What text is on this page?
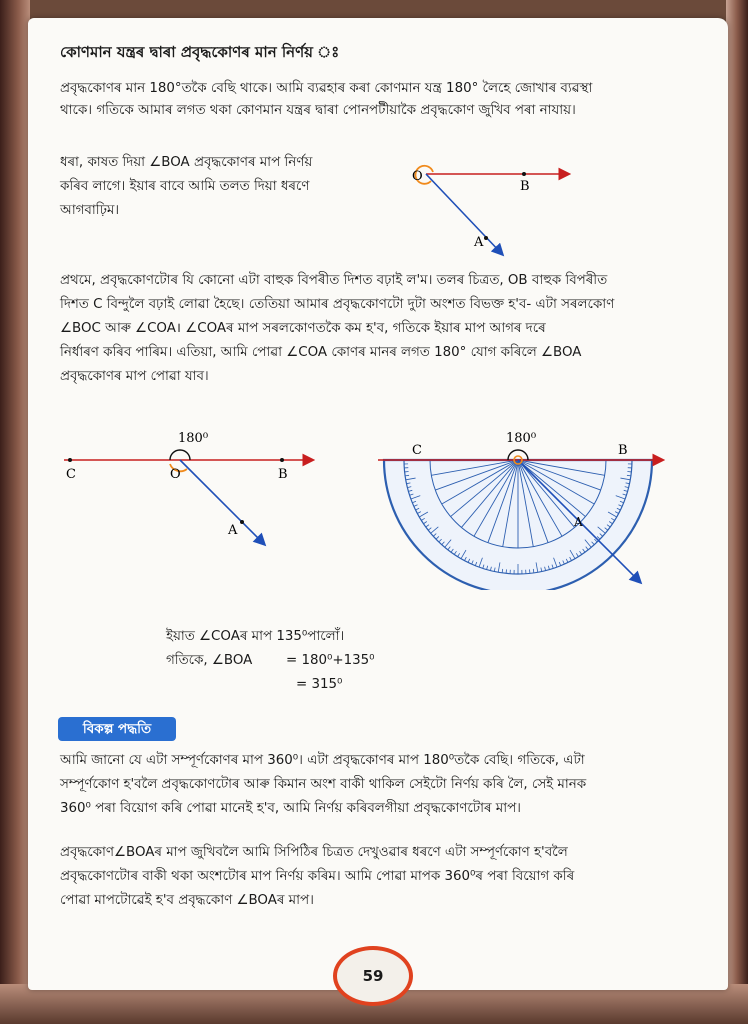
কোণমান যন্ত্ৰৰ দ্বাৰা প্ৰবৃদ্ধকোণৰ মান নিৰ্ণয় ঃ
প্ৰবৃদ্ধকোণৰ মান 180°তকৈ বেছি থাকে। আমি ব্যৱহাৰ কৰা কোণমান যন্ত্ৰ 180° লৈহে জোখাৰ ব্যৱস্থা
থাকে। গতিকে আমাৰ লগত থকা কোণমান যন্ত্ৰৰ দ্বাৰা পোনপটীয়াকৈ প্ৰবৃদ্ধকোণ জুখিব পৰা নাযায়।
ধৰা, কাষত দিয়া ∠BOA প্ৰবৃদ্ধকোণৰ মাপ নিৰ্ণয়
কৰিব লাগে। ইয়াৰ বাবে আমি তলত দিয়া ধৰণে
আগবাঢ়িম।
O
B
A
প্ৰথমে, প্ৰবৃদ্ধকোণটোৰ যি কোনো এটা বাহুক বিপৰীত দিশত বঢ়াই ল'ম। তলৰ চিত্ৰত, OB বাহুক বিপৰীত
দিশত C বিন্দুলৈ বঢ়াই লোৱা হৈছে। তেতিয়া আমাৰ প্ৰবৃদ্ধকোণটো দুটা অংশত বিভক্ত হ'ব- এটা সৰলকোণ
∠BOC আৰু ∠COA। ∠COAৰ মাপ সৰলকোণতকৈ কম হ'ব, গতিকে ইয়াৰ মাপ আগৰ দৰে
নিৰ্ধাৰণ কৰিব পাৰিম। এতিয়া, আমি পোৱা ∠COA কোণৰ মানৰ লগত 180° যোগ কৰিলে ∠BOA
প্ৰবৃদ্ধকোণৰ মাপ পোৱা যাব।
180⁰
C	O	B
A
180⁰
C	B
A
ইয়াত ∠COAৰ মাপ 135⁰পালোঁ।
গতিকে, ∠BOA	= 180⁰+135⁰
= 315⁰
বিকল্প পদ্ধতি
আমি জানো যে এটা সম্পূৰ্ণকোণৰ মাপ 360⁰। এটা প্ৰবৃদ্ধকোণৰ মাপ 180⁰তকৈ বেছি। গতিকে, এটা
সম্পূৰ্ণকোণ হ'বলৈ প্ৰবৃদ্ধকোণটোৰ আৰু কিমান অংশ বাকী থাকিল সেইটো নিৰ্ণয় কৰি লৈ, সেই মানক
360⁰ পৰা বিয়োগ কৰি পোৱা মানেই হ'ব, আমি নিৰ্ণয় কৰিবলগীয়া প্ৰবৃদ্ধকোণটোৰ মাপ।
প্ৰবৃদ্ধকোণ∠BOAৰ মাপ জুখিবলৈ আমি সিপিঠিৰ চিত্ৰত দেখুওৱাৰ ধৰণে এটা সম্পূৰ্ণকোণ হ'বলৈ
প্ৰবৃদ্ধকোণটোৰ বাকী থকা অংশটোৰ মাপ নিৰ্ণয় কৰিম। আমি পোৱা মাপক 360⁰ৰ পৰা বিয়োগ কৰি
পোৱা মাপটোৱেই হ'ব প্ৰবৃদ্ধকোণ ∠BOAৰ মাপ।
59
